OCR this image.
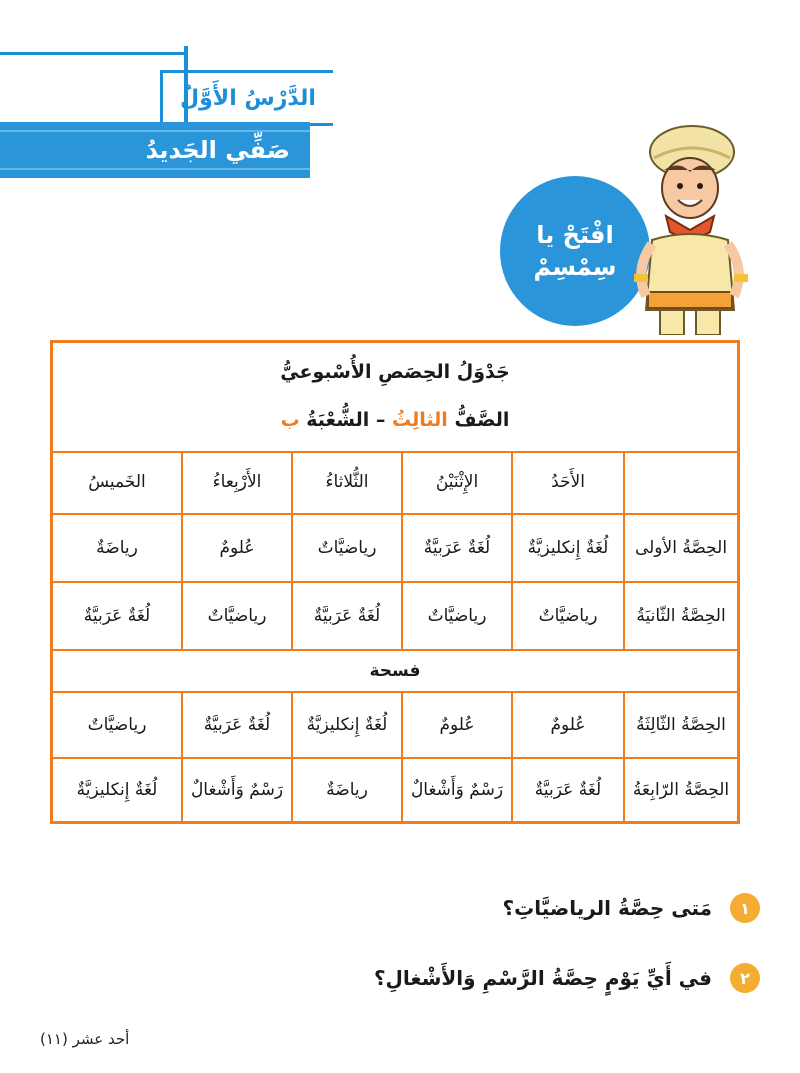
الدَّرْسُ الأَوَّلُ
صَفِّي الجَديدُ
افْتَحْ يا
سِمْسِمْ
جَدْوَلُ الحِصَصِ الأُسْبوعيُّ
الصَّفُّ الثالِثُ – الشُّعْبَةُ ب
الأَحَدُ
الإِثْنَيْنُ
الثُّلاثاءُ
الأَرْبِعاءُ
الخَميسُ
الحِصَّةُ الأولى
لُغَةٌ إِنكليزيَّةٌ
لُغَةٌ عَرَبيَّةٌ
رياضيَّاتٌ
عُلومٌ
رياضَةٌ
الحِصَّةُ الثّانيَةُ
رياضيَّاتٌ
رياضيَّاتٌ
لُغَةٌ عَرَبيَّةٌ
رياضيَّاتٌ
لُغَةٌ عَرَبيَّةٌ
فسحة
الحِصَّةُ الثّالِثَةُ
عُلومٌ
عُلومٌ
لُغَةٌ إِنكليزيَّةٌ
لُغَةٌ عَرَبيَّةٌ
رياضيَّاتٌ
الحِصَّةُ الرّابِعَةُ
لُغَةٌ عَرَبيَّةٌ
رَسْمٌ وَأَشْغالٌ
رياضَةٌ
رَسْمٌ وَأَشْغالٌ
لُغَةٌ إِنكليزيَّةٌ
١
مَتى حِصَّةُ الرياضيَّاتِ؟
٢
في أَيِّ يَوْمٍ حِصَّةُ الرَّسْمِ وَالأَشْغالِ؟
أحد عشر (١١)
